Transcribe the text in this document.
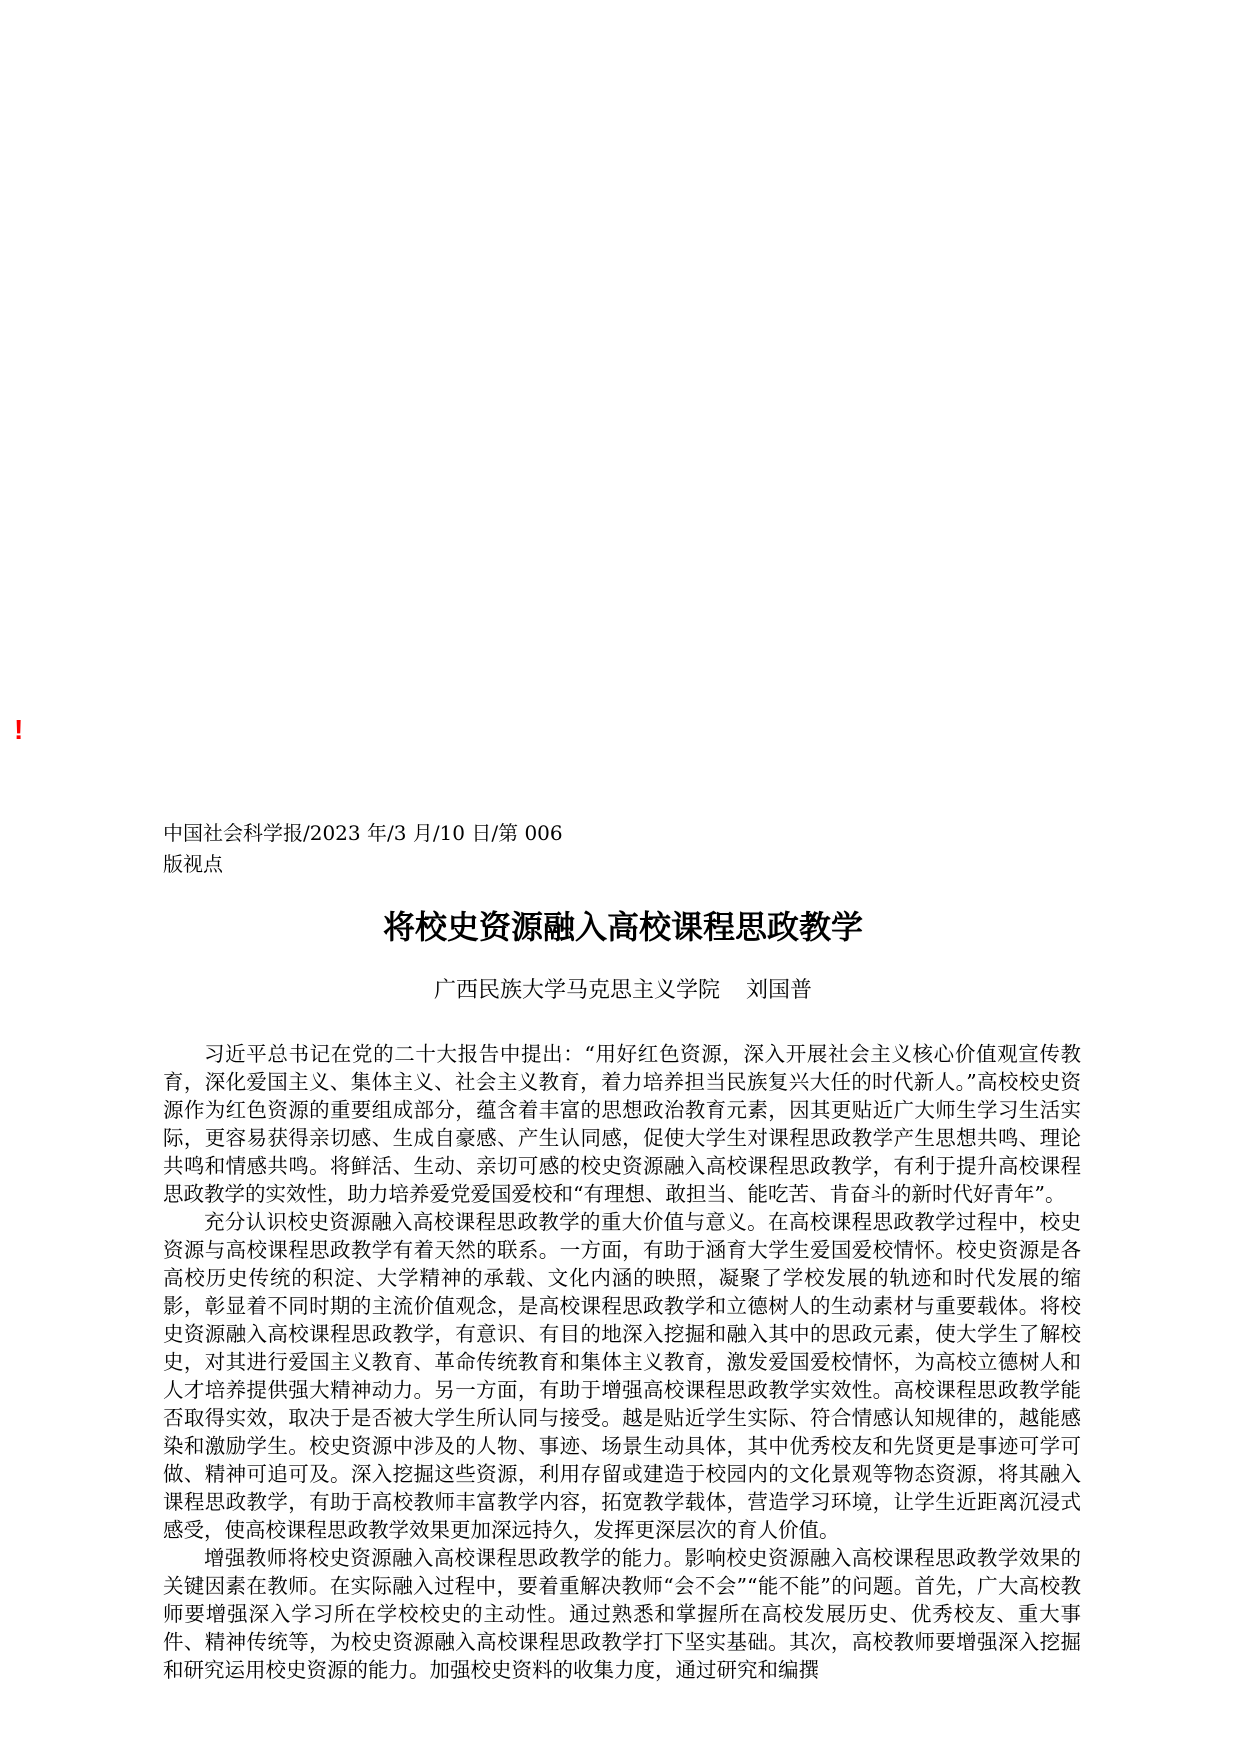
!
中国社会科学报/2023 年/3 月/10 日/第 006
版视点
将校史资源融入高校课程思政教学
广西民族大学马克思主义学院 刘国普

习近平总书记在党的二十大报告中提出：“用好红色资源，深入开展社会主义核心价值观宣传教育，深化爱国主义、集体主义、社会主义教育，着力培养担当民族复兴大任的时代新人。”高校校史资源作为红色资源的重要组成部分，蕴含着丰富的思想政治教育元素，因其更贴近广大师生学习生活实际，更容易获得亲切感、生成自豪感、产生认同感，促使大学生对课程思政教学产生思想共鸣、理论共鸣和情感共鸣。将鲜活、生动、亲切可感的校史资源融入高校课程思政教学，有利于提升高校课程思政教学的实效性，助力培养爱党爱国爱校和“有理想、敢担当、能吃苦、肯奋斗的新时代好青年”。

充分认识校史资源融入高校课程思政教学的重大价值与意义。在高校课程思政教学过程中，校史资源与高校课程思政教学有着天然的联系。一方面，有助于涵育大学生爱国爱校情怀。校史资源是各高校历史传统的积淀、大学精神的承载、文化内涵的映照，凝聚了学校发展的轨迹和时代发展的缩影，彰显着不同时期的主流价值观念，是高校课程思政教学和立德树人的生动素材与重要载体。将校史资源融入高校课程思政教学，有意识、有目的地深入挖掘和融入其中的思政元素，使大学生了解校史，对其进行爱国主义教育、革命传统教育和集体主义教育，激发爱国爱校情怀，为高校立德树人和人才培养提供强大精神动力。另一方面，有助于增强高校课程思政教学实效性。高校课程思政教学能否取得实效，取决于是否被大学生所认同与接受。越是贴近学生实际、符合情感认知规律的，越能感染和激励学生。校史资源中涉及的人物、事迹、场景生动具体，其中优秀校友和先贤更是事迹可学可做、精神可追可及。深入挖掘这些资源，利用存留或建造于校园内的文化景观等物态资源，将其融入课程思政教学，有助于高校教师丰富教学内容，拓宽教学载体，营造学习环境，让学生近距离沉浸式感受，使高校课程思政教学效果更加深远持久，发挥更深层次的育人价值。

增强教师将校史资源融入高校课程思政教学的能力。影响校史资源融入高校课程思政教学效果的关键因素在教师。在实际融入过程中，要着重解决教师“会不会”“能不能”的问题。首先，广大高校教师要增强深入学习所在学校校史的主动性。通过熟悉和掌握所在高校发展历史、优秀校友、重大事件、精神传统等，为校史资源融入高校课程思政教学打下坚实基础。其次，高校教师要增强深入挖掘和研究运用校史资源的能力。加强校史资料的收集力度，通过研究和编撰
